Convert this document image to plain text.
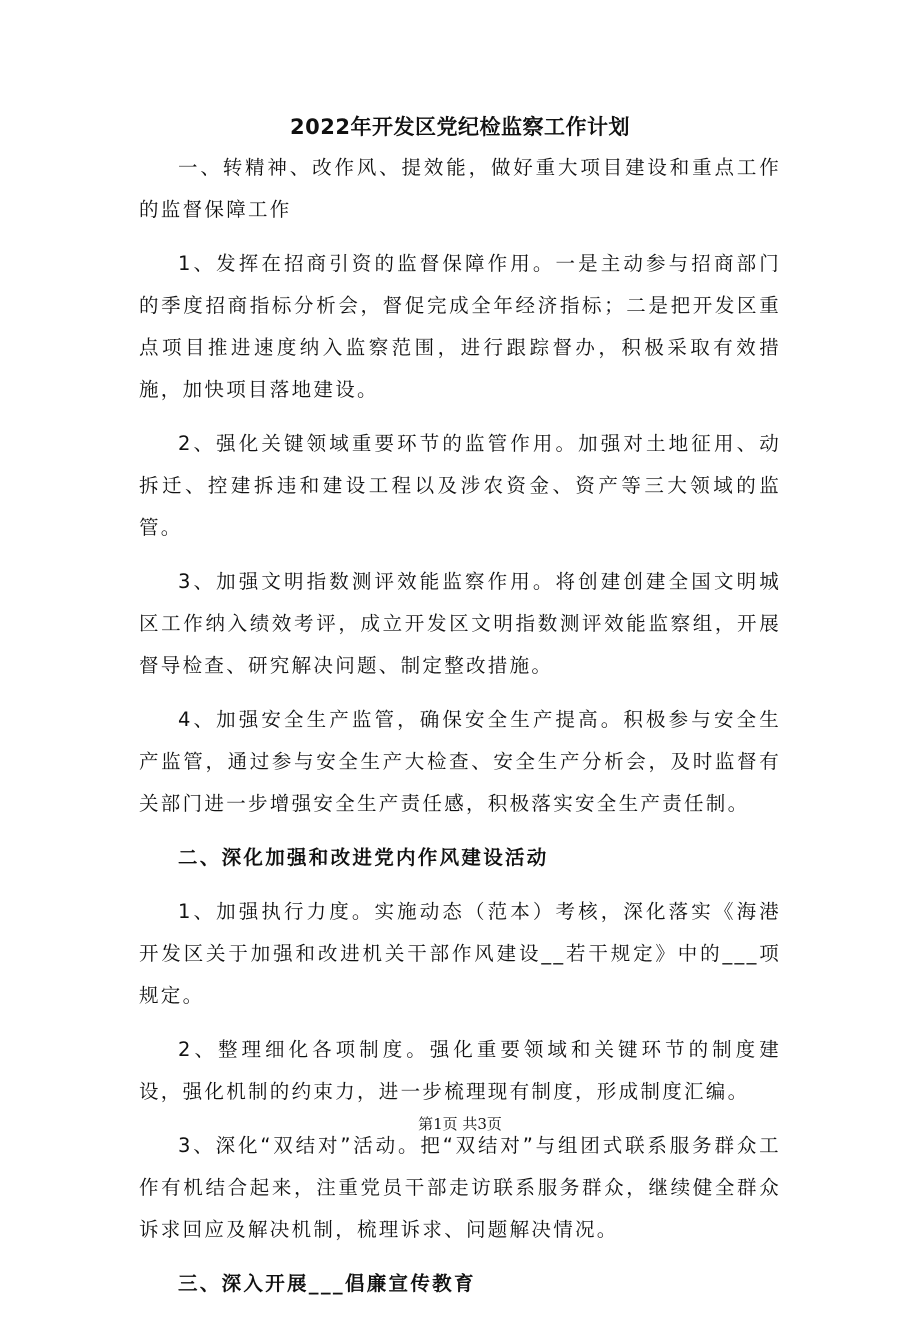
2022年开发区党纪检监察工作计划

一、转精神、改作风、提效能，做好重大项目建设和重点工作的监督保障工作

1、发挥在招商引资的监督保障作用。一是主动参与招商部门的季度招商指标分析会，督促完成全年经济指标；二是把开发区重点项目推进速度纳入监察范围，进行跟踪督办，积极采取有效措施，加快项目落地建设。

2、强化关键领域重要环节的监管作用。加强对土地征用、动拆迁、控建拆违和建设工程以及涉农资金、资产等三大领域的监管。

3、加强文明指数测评效能监察作用。将创建创建全国文明城区工作纳入绩效考评，成立开发区文明指数测评效能监察组，开展督导检查、研究解决问题、制定整改措施。

4、加强安全生产监管，确保安全生产提高。积极参与安全生产监管，通过参与安全生产大检查、安全生产分析会，及时监督有关部门进一步增强安全生产责任感，积极落实安全生产责任制。

二、深化加强和改进党内作风建设活动

1、加强执行力度。实施动态（范本）考核，深化落实《海港开发区关于加强和改进机关干部作风建设__若干规定》中的___项规定。

2、整理细化各项制度。强化重要领域和关键环节的制度建设，强化机制的约束力，进一步梳理现有制度，形成制度汇编。

3、深化“双结对”活动。把“双结对”与组团式联系服务群众工作有机结合起来，注重党员干部走访联系服务群众，继续健全群众诉求回应及解决机制，梳理诉求、问题解决情况。

三、深入开展___倡廉宣传教育

第1页 共3页
